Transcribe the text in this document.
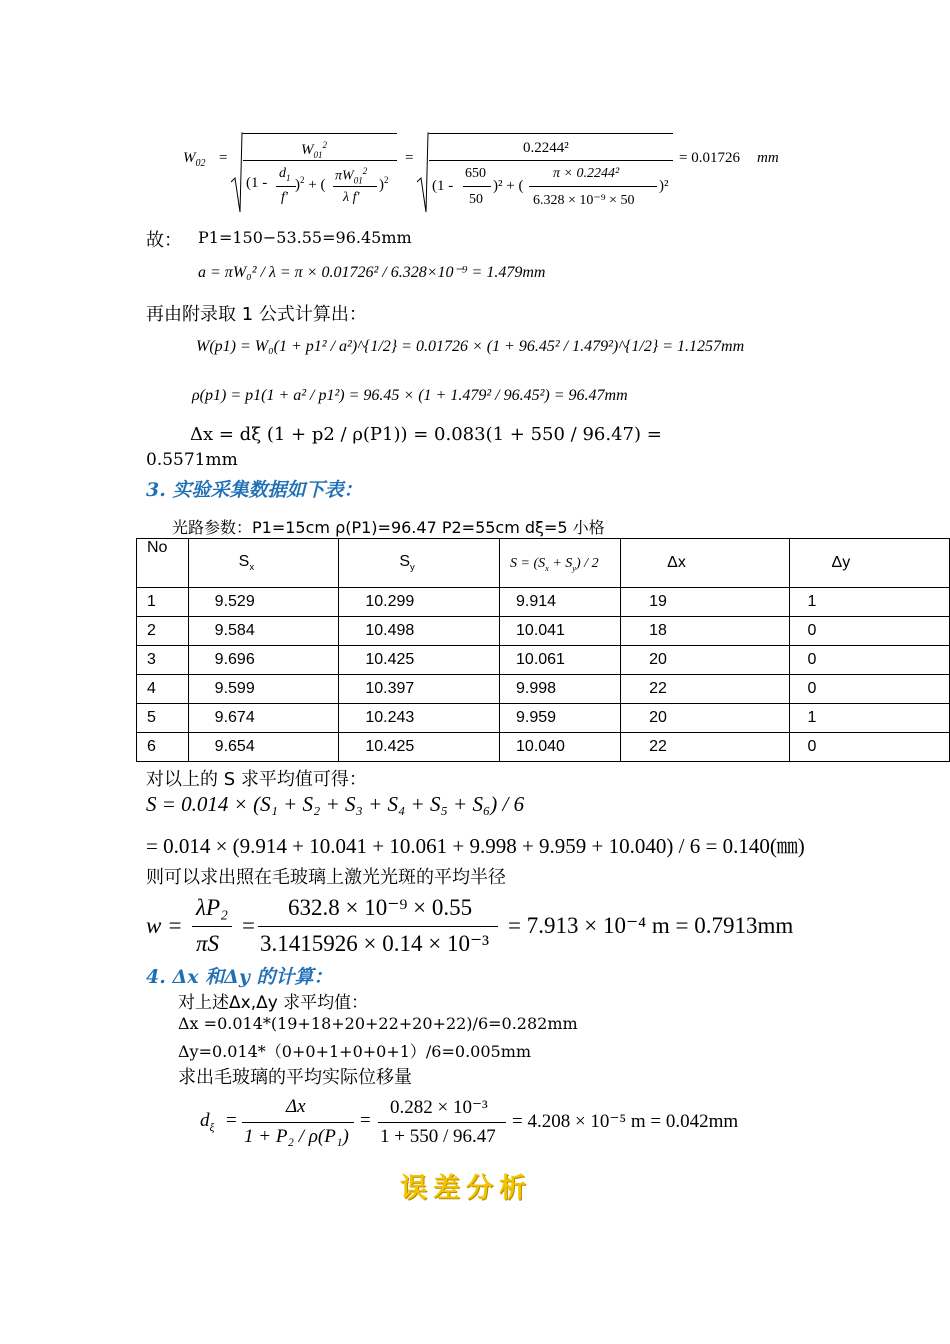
$W_{02}$ =	$W_{01}^2$
(1 -
$d_1$
f'
)$^2$ + (
$\pi W_{01}^2$
λ f'
)$^2$
=
0.2244²
(1 -
650
50
)² + (
π × 0.2244²
6.328 × 10⁻⁹ × 50
)²
= 0.01726 mm
故： P1=150−53.55=96.45mm
a = πW₀² / λ = π × 0.01726² / 6.328×10⁻⁹ = 1.479mm
再由附录取 1 公式计算出：
W(p1) = W₀(1 + p1² / a²)^{1/2} = 0.01726 × (1 + 96.45² / 1.479²)^{1/2} = 1.1257mm
ρ(p1) = p1(1 + a² / p1²) = 96.45 × (1 + 1.479² / 96.45²) = 96.47mm
Δx = dξ (1 + p2 / ρ(P1)) = 0.083(1 + 550 / 96.47) =
0.5571mm
3. 实验采集数据如下表：
光路参数：P1=15cm ρ(P1)=96.47 P2=55cm dξ=5 小格
No	$S_x$	$S_y$	$S = (S_x + S_y) / 2$	Δx	Δy
1	9.529	10.299	9.914	19	1
2	9.584	10.498	10.041	18	0
3	9.696	10.425	10.061	20	0
4	9.599	10.397	9.998	22	0
5	9.674	10.243	9.959	20	1
6	9.654	10.425	10.040	22	0
对以上的 S 求平均值可得：
S = 0.014 × (S₁ + S₂ + S₃ + S₄ + S₅ + S₆) / 6
= 0.014 × (9.914 + 10.041 + 10.061 + 9.998 + 9.959 + 10.040) / 6 = 0.140(㎜)
则可以求出照在毛玻璃上激光光斑的平均半径
w =
λP₂
πS
=
632.8 × 10⁻⁹ × 0.55
3.1415926 × 0.14 × 10⁻³
= 7.913 × 10⁻⁴ m = 0.7913mm
4. Δx 和Δy 的计算：
对上述Δx,Δy 求平均值：
Δx =0.014*(19+18+20+22+20+22)/6=0.282mm
Δy=0.014*（0+0+1+0+0+1）/6=0.005mm
求出毛玻璃的平均实际位移量
$d_\xi$ =
Δx
1 + P₂ / ρ(P₁)
=
0.282 × 10⁻³
1 + 550 / 96.47
= 4.208 × 10⁻⁵ m = 0.042mm
误差分析
